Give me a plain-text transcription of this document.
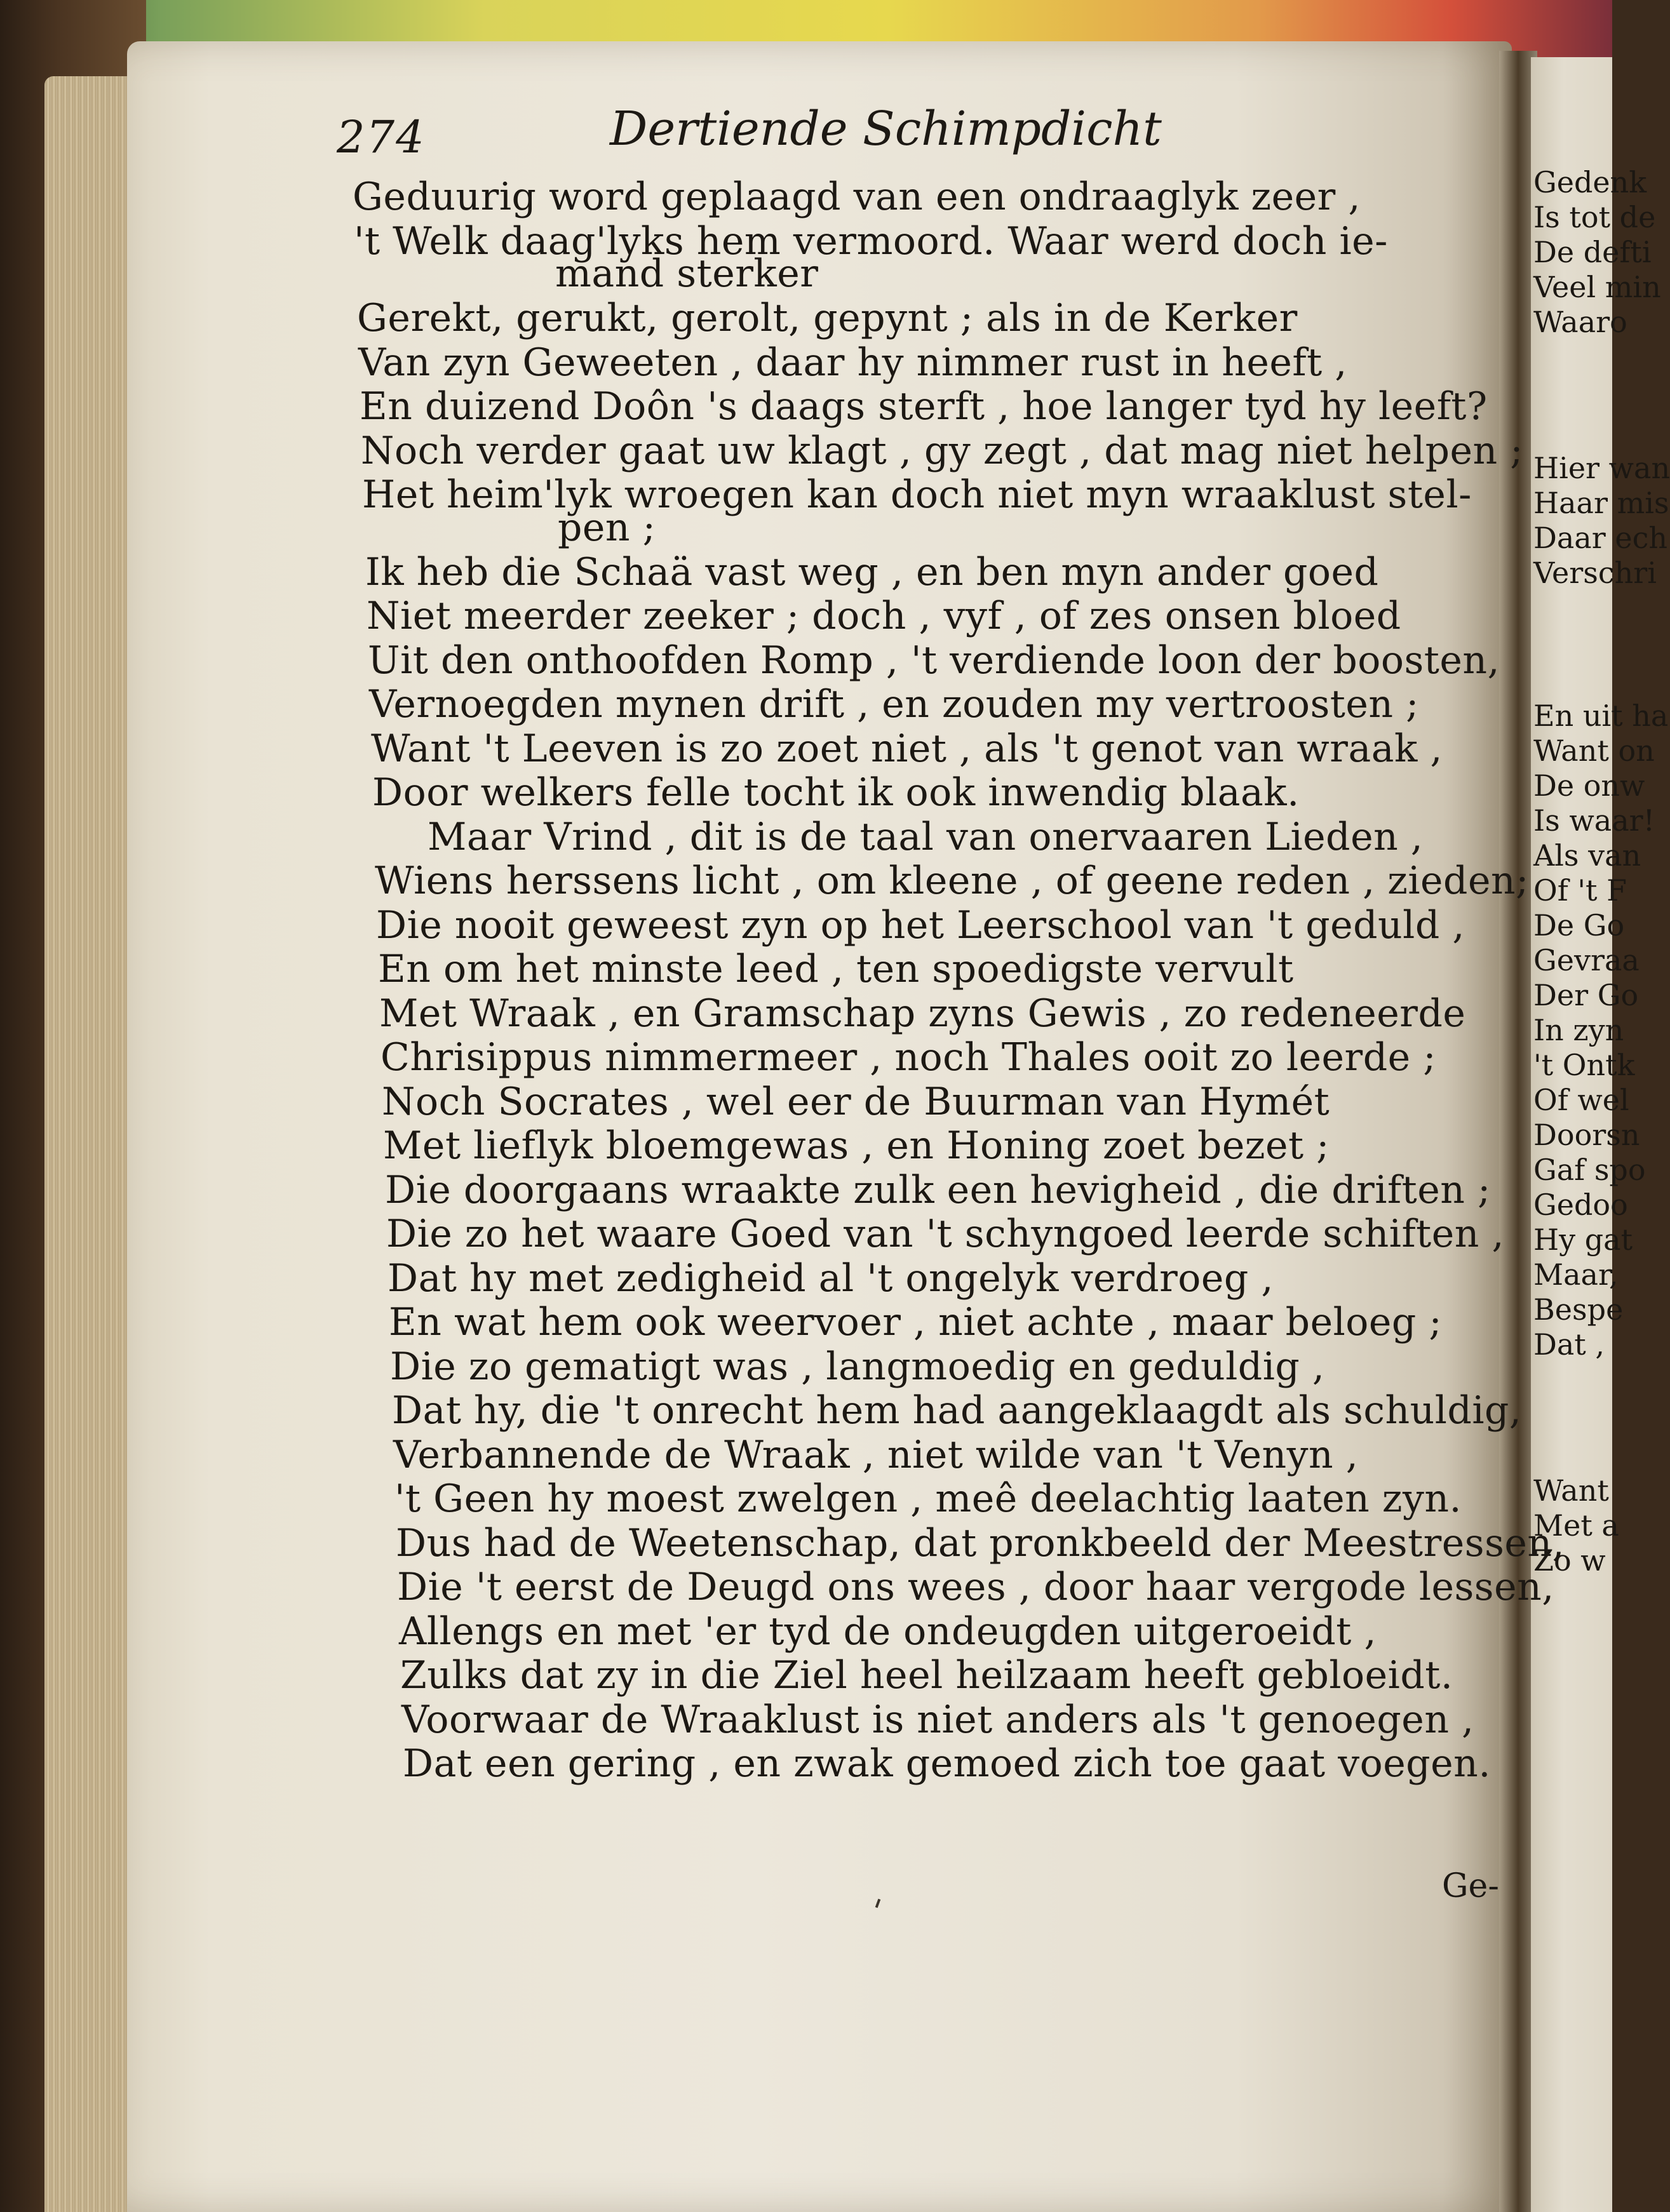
Gedenk
Is tot de
De defti
Veel min
Waaro
Hier wan
Haar mis
Daar ech
Verschri
En uit ha
Want on
De onw
Is waar!
Als van
Of 't F
De Go
Gevraa
Der Go
In zyn
't Ontk
Of wel
Doorsn
Gaf spo
Gedoo
Hy gat
Maar,
Bespe
Dat ,
Want
Met a
Zo w
274	Dertiende Schimpdicht
Geduurig word geplaagd van een ondraaglyk zeer ,
't Welk daag'lyks hem vermoord. Waar werd doch ie-
mand sterker
Gerekt, gerukt, gerolt, gepynt ; als in de Kerker
Van zyn Geweeten , daar hy nimmer rust in heeft ,
En duizend Doôn 's daags sterft , hoe langer tyd hy leeft?
Noch verder gaat uw klagt , gy zegt , dat mag niet helpen ;
Het heim'lyk wroegen kan doch niet myn wraaklust stel-
pen ;
Ik heb die Schaä vast weg , en ben myn ander goed
Niet meerder zeeker ; doch , vyf , of zes onsen bloed
Uit den onthoofden Romp , 't verdiende loon der boosten,
Vernoegden mynen drift , en zouden my vertroosten ;
Want 't Leeven is zo zoet niet , als 't genot van wraak ,
Door welkers felle tocht ik ook inwendig blaak.
Maar Vrind , dit is de taal van onervaaren Lieden ,
Wiens herssens licht , om kleene , of geene reden , zieden;
Die nooit geweest zyn op het Leerschool van 't geduld ,
En om het minste leed , ten spoedigste vervult
Met Wraak , en Gramschap zyns Gewis , zo redeneerde
Chrisippus nimmermeer , noch Thales ooit zo leerde ;
Noch Socrates , wel eer de Buurman van Hymét
Met lieflyk bloemgewas , en Honing zoet bezet ;
Die doorgaans wraakte zulk een hevigheid , die driften ;
Die zo het waare Goed van 't schyngoed leerde schiften ,
Dat hy met zedigheid al 't ongelyk verdroeg ,
En wat hem ook weervoer , niet achte , maar beloeg ;
Die zo gematigt was , langmoedig en geduldig ,
Dat hy, die 't onrecht hem had aangeklaagdt als schuldig,
Verbannende de Wraak , niet wilde van 't Venyn ,
't Geen hy moest zwelgen , meê deelachtig laaten zyn.
Dus had de Weetenschap, dat pronkbeeld der Meestressen,
Die 't eerst de Deugd ons wees , door haar vergode lessen,
Allengs en met 'er tyd de ondeugden uitgeroeidt ,
Zulks dat zy in die Ziel heel heilzaam heeft gebloeidt.
Voorwaar de Wraaklust is niet anders als 't genoegen ,
Dat een gering , en zwak gemoed zich toe gaat voegen.
Ge-
